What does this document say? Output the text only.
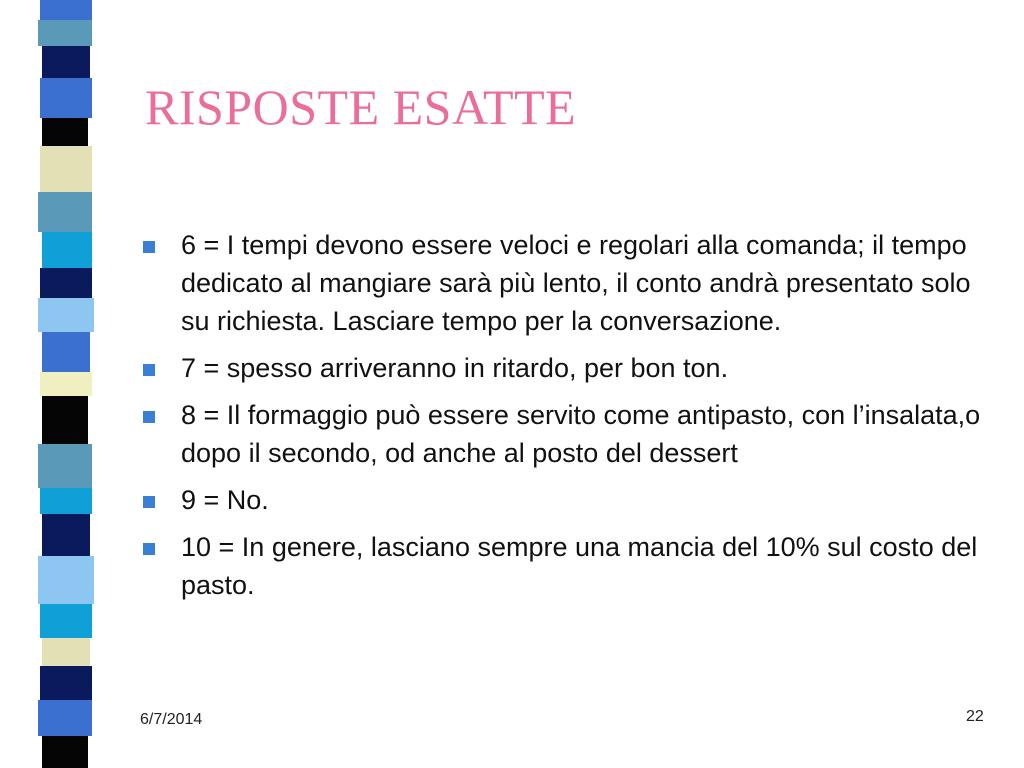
RISPOSTE ESATTE
6 = I tempi devono essere veloci e regolari alla comanda; il tempo dedicato al mangiare sarà più lento, il conto andrà presentato solo su richiesta. Lasciare tempo per la conversazione.
7 = spesso arriveranno in ritardo, per bon ton.
8 = Il formaggio può essere servito come antipasto, con l’insalata,o dopo il secondo, od anche al posto del dessert
9 = No.
10 = In genere, lasciano sempre una mancia del 10% sul costo del pasto.
6/7/2014	22
